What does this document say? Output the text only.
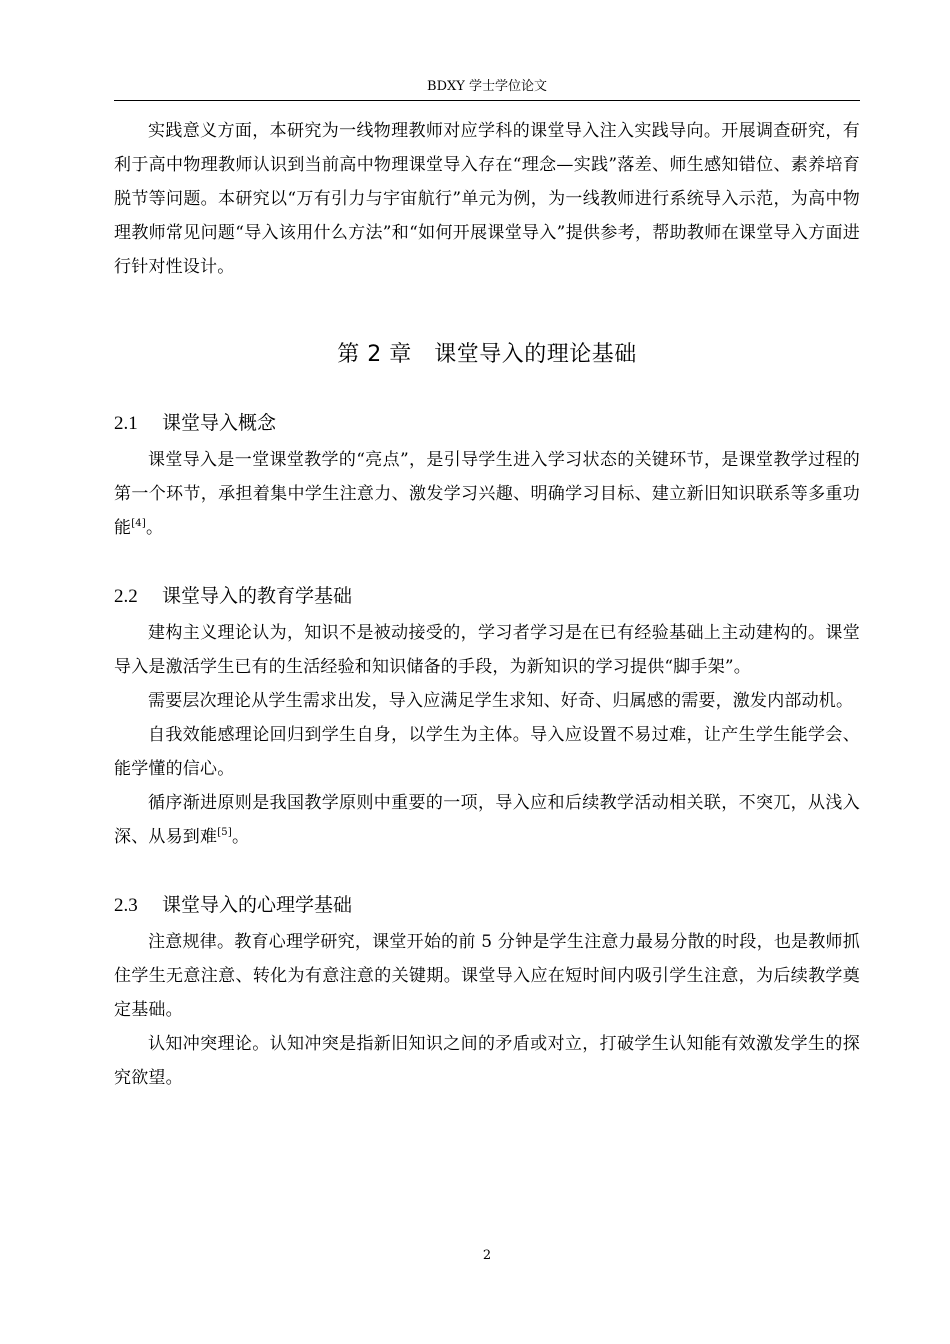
BDXY 学士学位论文

实践意义方面，本研究为一线物理教师对应学科的课堂导入注入实践导向。开展调查研究，有利于高中物理教师认识到当前高中物理课堂导入存在“理念—实践”落差、师生感知错位、素养培育脱节等问题。本研究以“万有引力与宇宙航行”单元为例，为一线教师进行系统导入示范，为高中物理教师常见问题“导入该用什么方法”和“如何开展课堂导入”提供参考，帮助教师在课堂导入方面进行针对性设计。

第 2 章　课堂导入的理论基础
2.1 课堂导入概念

课堂导入是一堂课堂教学的“亮点”，是引导学生进入学习状态的关键环节，是课堂教学过程的第一个环节，承担着集中学生注意力、激发学习兴趣、明确学习目标、建立新旧知识联系等多重功能[4]。

2.2 课堂导入的教育学基础

建构主义理论认为，知识不是被动接受的，学习者学习是在已有经验基础上主动建构的。课堂导入是激活学生已有的生活经验和知识储备的手段，为新知识的学习提供“脚手架”。

需要层次理论从学生需求出发，导入应满足学生求知、好奇、归属感的需要，激发内部动机。

自我效能感理论回归到学生自身，以学生为主体。导入应设置不易过难，让产生学生能学会、能学懂的信心。

循序渐进原则是我国教学原则中重要的一项，导入应和后续教学活动相关联，不突兀，从浅入深、从易到难[5]。

2.3 课堂导入的心理学基础

注意规律。教育心理学研究，课堂开始的前 5 分钟是学生注意力最易分散的时段，也是教师抓住学生无意注意、转化为有意注意的关键期。课堂导入应在短时间内吸引学生注意，为后续教学奠定基础。

认知冲突理论。认知冲突是指新旧知识之间的矛盾或对立，打破学生认知能有效激发学生的探究欲望。

2
